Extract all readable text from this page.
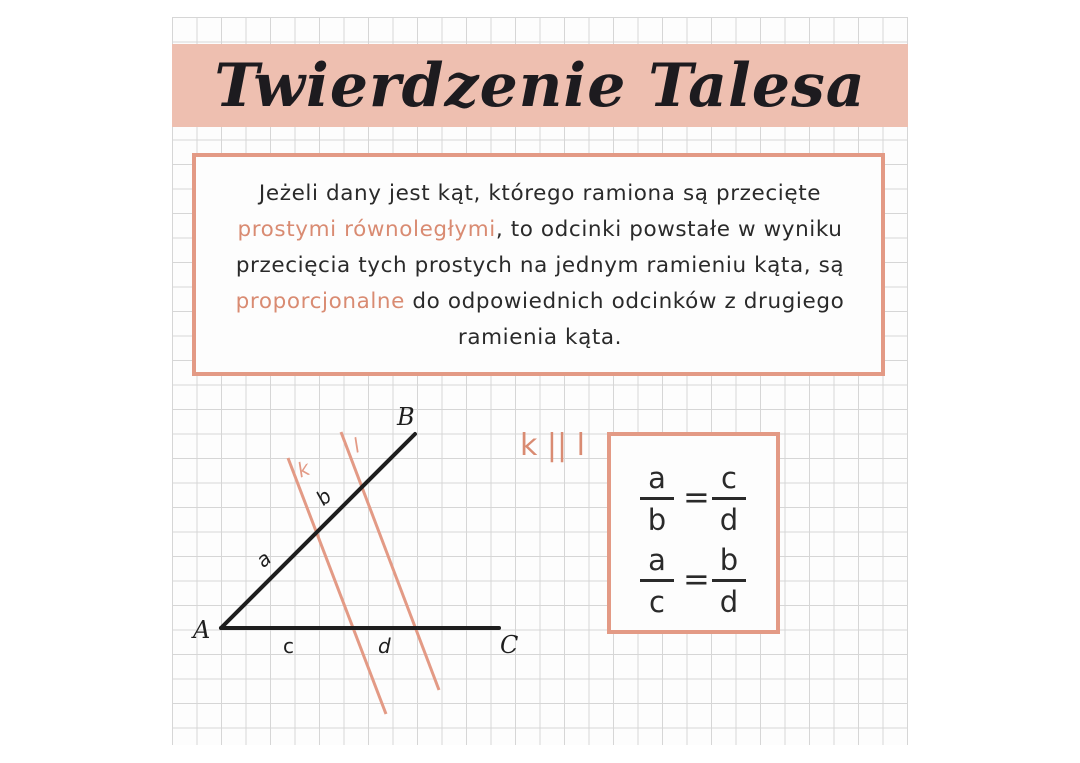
Twierdzenie Talesa
Jeżeli dany jest kąt, którego ramiona są przecięte
prostymi równoległymi, to odcinki powstałe w wyniku przecięcia tych prostych na jednym ramieniu kąta, są proporcjonalne do odpowiednich odcinków z drugiego ramienia kąta.
A
B
C
k
l
a
b
c	d
k || l
a
b
= c
d
a
c
= b
d
